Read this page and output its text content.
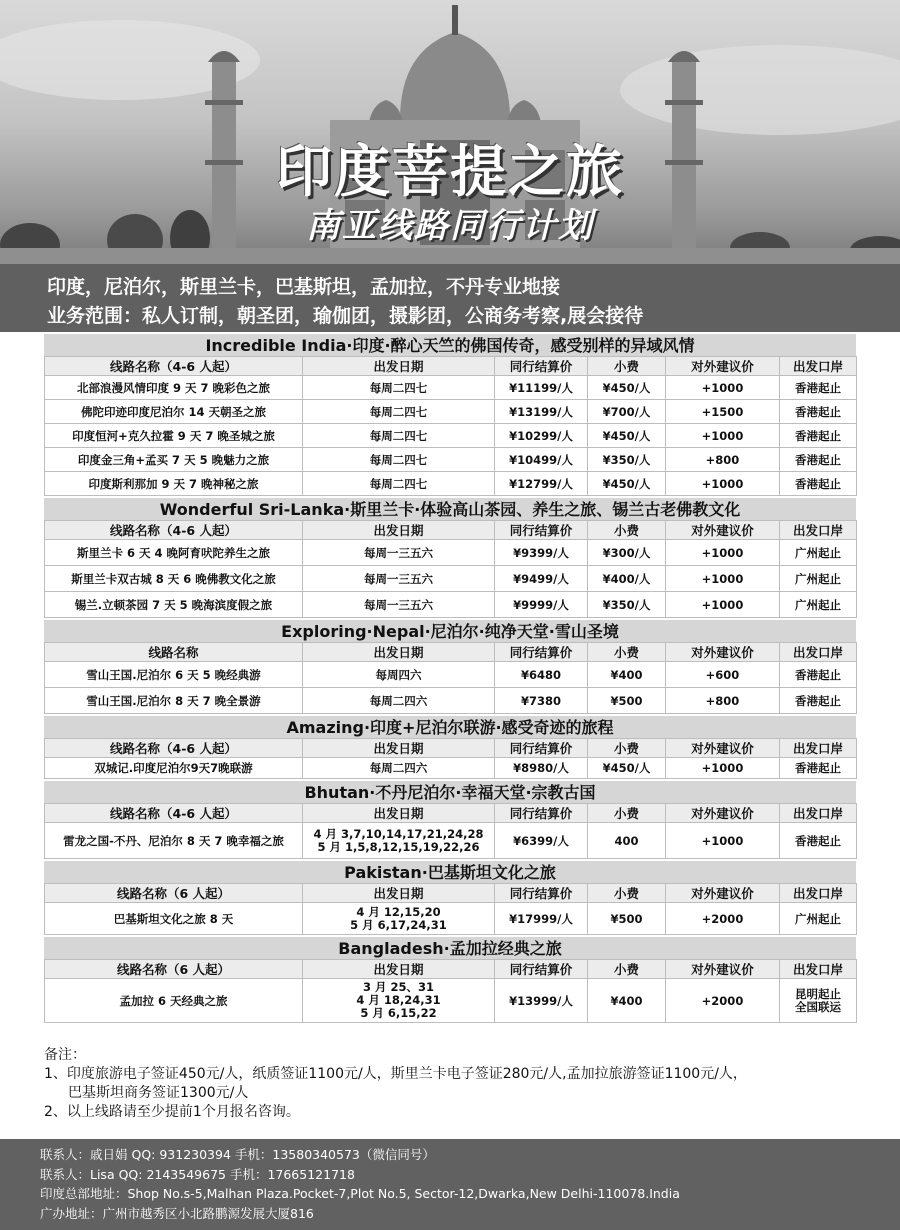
印度菩提之旅
南亚线路同行计划
印度，尼泊尔，斯里兰卡，巴基斯坦，孟加拉，不丹专业地接
业务范围：私人订制，朝圣团，瑜伽团，摄影团，公商务考察,展会接待
Incredible India·印度·醉心天竺的佛国传奇，感受别样的异域风情
线路名称（4-6 人起）	出发日期	同行结算价	小费	对外建议价	出发口岸
北部浪漫风情印度 9 天 7 晚彩色之旅	每周二四七	¥11199/人	¥450/人	+1000	香港起止
佛陀印迹印度尼泊尔 14 天朝圣之旅	每周二四七	¥13199/人	¥700/人	+1500	香港起止
印度恒河+克久拉霍 9 天 7 晚圣城之旅	每周二四七	¥10299/人	¥450/人	+1000	香港起止
印度金三角+孟买 7 天 5 晚魅力之旅	每周二四七	¥10499/人	¥350/人	+800	香港起止
印度斯利那加 9 天 7 晚神秘之旅	每周二四七	¥12799/人	¥450/人	+1000	香港起止
Wonderful Sri-Lanka·斯里兰卡·体验高山茶园、养生之旅、锡兰古老佛教文化
线路名称（4-6 人起）	出发日期	同行结算价	小费	对外建议价	出发口岸
斯里兰卡 6 天 4 晚阿育吠陀养生之旅	每周一三五六	¥9399/人	¥300/人	+1000	广州起止
斯里兰卡双古城 8 天 6 晚佛教文化之旅	每周一三五六	¥9499/人	¥400/人	+1000	广州起止
锡兰.立顿茶园 7 天 5 晚海滨度假之旅	每周一三五六	¥9999/人	¥350/人	+1000	广州起止
Exploring·Nepal·尼泊尔·纯净天堂·雪山圣境
线路名称	出发日期	同行结算价	小费	对外建议价	出发口岸
雪山王国.尼泊尔 6 天 5 晚经典游	每周四六	¥6480	¥400	+600	香港起止
雪山王国.尼泊尔 8 天 7 晚全景游	每周二四六	¥7380	¥500	+800	香港起止
Amazing·印度+尼泊尔联游·感受奇迹的旅程
线路名称（4-6 人起）	出发日期	同行结算价	小费	对外建议价	出发口岸
双城记.印度尼泊尔9天7晚联游	每周二四六	¥8980/人	¥450/人	+1000	香港起止
Bhutan·不丹尼泊尔·幸福天堂·宗教古国
线路名称（4-6 人起）	出发日期	同行结算价	小费	对外建议价	出发口岸
雷龙之国-不丹、尼泊尔 8 天 7 晚幸福之旅	4 月 3,7,10,14,17,21,24,28
5 月 1,5,8,12,15,19,22,26	¥6399/人	400	+1000	香港起止
Pakistan·巴基斯坦文化之旅
线路名称（6 人起）	出发日期	同行结算价	小费	对外建议价	出发口岸
巴基斯坦文化之旅 8 天	4 月 12,15,20
5 月 6,17,24,31	¥17999/人	¥500	+2000	广州起止
Bangladesh·孟加拉经典之旅
线路名称（6 人起）	出发日期	同行结算价	小费	对外建议价	出发口岸
孟加拉 6 天经典之旅	3 月 25、31
4 月 18,24,31
5 月 6,15,22	¥13999/人	¥400	+2000	昆明起止
全国联运
备注：
1、印度旅游电子签证450元/人，纸质签证1100元/人，斯里兰卡电子签证280元/人,孟加拉旅游签证1100元/人，
巴基斯坦商务签证1300元/人
2、以上线路请至少提前1个月报名咨询。
联系人：戚日娟 QQ: 931230394 手机：13580340573（微信同号）
联系人：Lisa QQ: 2143549675 手机：17665121718
印度总部地址：Shop No.s-5,Malhan Plaza.Pocket-7,Plot No.5, Sector-12,Dwarka,New Delhi-110078.India
广办地址：广州市越秀区小北路鹏源发展大厦816
